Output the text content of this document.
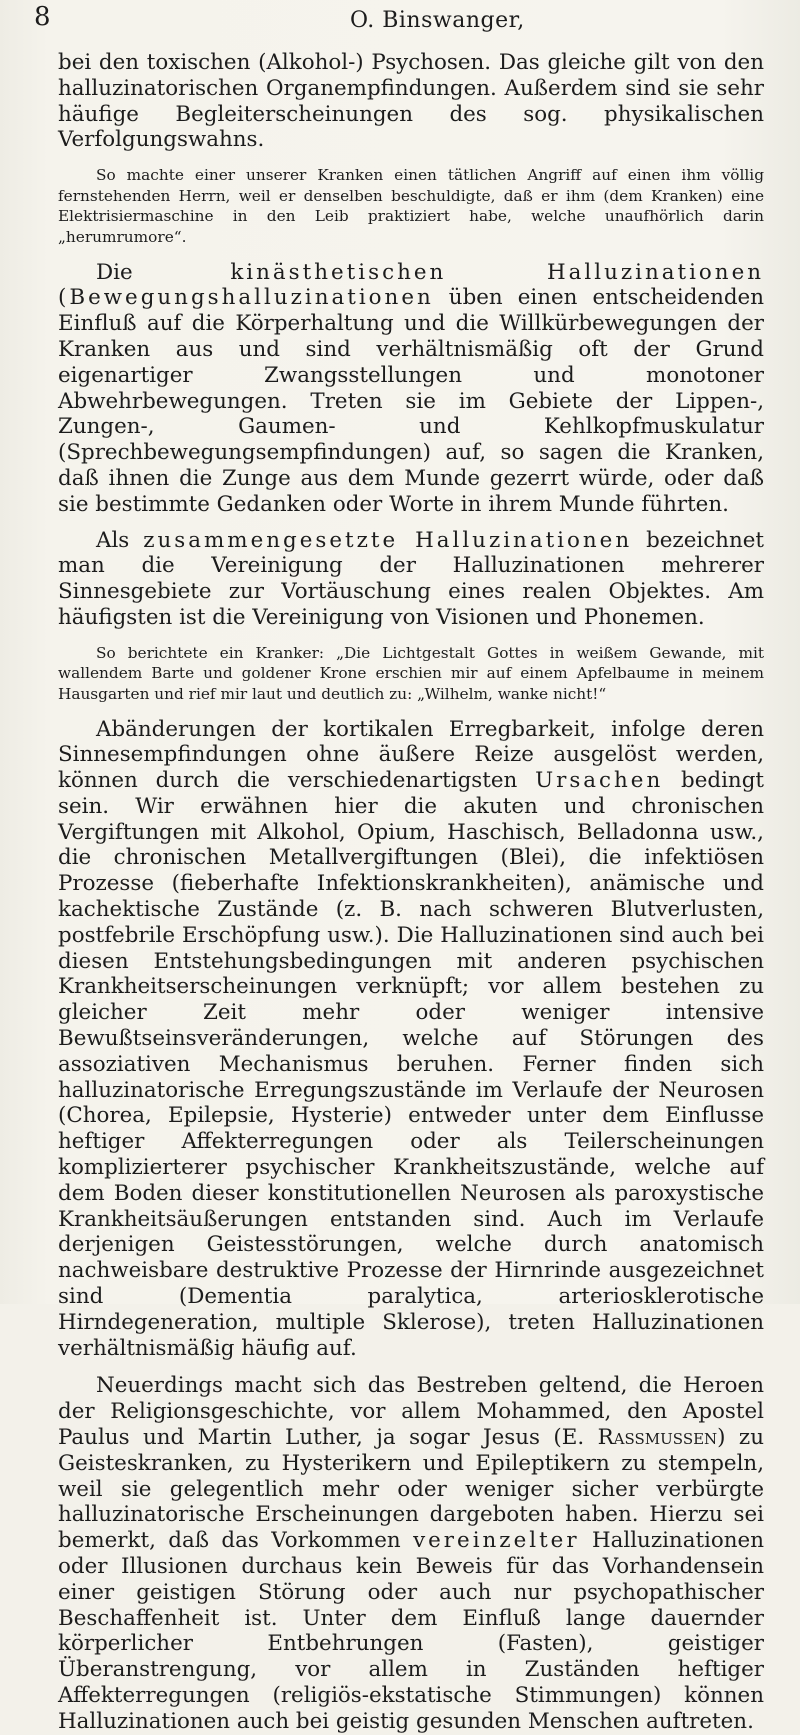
8	O. Binswanger,

bei den toxischen (Alkohol-) Psychosen. Das gleiche gilt von den halluzinatorischen Organempfindungen. Außerdem sind sie sehr häufige Begleiterscheinungen des sog. physikalischen Verfolgungswahns.

So machte einer unserer Kranken einen tätlichen Angriff auf einen ihm völlig fernstehenden Herrn, weil er denselben beschuldigte, daß er ihm (dem Kranken) eine Elektrisiermaschine in den Leib praktiziert habe, welche unaufhörlich darin „herumrumore“.

Die kinästhetischen Halluzinationen (Bewegungshalluzinationen üben einen entscheidenden Einfluß auf die Körperhaltung und die Willkürbewegungen der Kranken aus und sind verhältnismäßig oft der Grund eigenartiger Zwangsstellungen und monotoner Abwehrbewegungen. Treten sie im Gebiete der Lippen-, Zungen-, Gaumen- und Kehlkopfmuskulatur (Sprechbewegungsempfindungen) auf, so sagen die Kranken, daß ihnen die Zunge aus dem Munde gezerrt würde, oder daß sie bestimmte Gedanken oder Worte in ihrem Munde führten.

Als zusammengesetzte Halluzinationen bezeichnet man die Vereinigung der Halluzinationen mehrerer Sinnesgebiete zur Vortäuschung eines realen Objektes. Am häufigsten ist die Vereinigung von Visionen und Phonemen.

So berichtete ein Kranker: „Die Lichtgestalt Gottes in weißem Gewande, mit wallendem Barte und goldener Krone erschien mir auf einem Apfelbaume in meinem Hausgarten und rief mir laut und deutlich zu: „Wilhelm, wanke nicht!“

Abänderungen der kortikalen Erregbarkeit, infolge deren Sinnesempfindungen ohne äußere Reize ausgelöst werden, können durch die verschiedenartigsten Ursachen bedingt sein. Wir erwähnen hier die akuten und chronischen Vergiftungen mit Alkohol, Opium, Haschisch, Belladonna usw., die chronischen Metallvergiftungen (Blei), die infektiösen Prozesse (fieberhafte Infektionskrankheiten), anämische und kachektische Zustände (z. B. nach schweren Blutverlusten, postfebrile Erschöpfung usw.). Die Halluzinationen sind auch bei diesen Entstehungsbedingungen mit anderen psychischen Krankheitserscheinungen verknüpft; vor allem bestehen zu gleicher Zeit mehr oder weniger intensive Bewußtseinsveränderungen, welche auf Störungen des assoziativen Mechanismus beruhen. Ferner finden sich halluzinatorische Erregungszustände im Verlaufe der Neurosen (Chorea, Epilepsie, Hysterie) entweder unter dem Einflusse heftiger Affekterregungen oder als Teilerscheinungen komplizierterer psychischer Krankheitszustände, welche auf dem Boden dieser konstitutionellen Neurosen als paroxystische Krankheitsäußerungen entstanden sind. Auch im Verlaufe derjenigen Geistesstörungen, welche durch anatomisch nachweisbare destruktive Prozesse der Hirnrinde ausgezeichnet sind (Dementia paralytica, arteriosklerotische Hirndegeneration, multiple Sklerose), treten Halluzinationen verhältnismäßig häufig auf.

Neuerdings macht sich das Bestreben geltend, die Heroen der Religionsgeschichte, vor allem Mohammed, den Apostel Paulus und Martin Luther, ja sogar Jesus (E. Rassmussen) zu Geisteskranken, zu Hysterikern und Epileptikern zu stempeln, weil sie gelegentlich mehr oder weniger sicher verbürgte halluzinatorische Erscheinungen dargeboten haben. Hierzu sei bemerkt, daß das Vorkommen vereinzelter Halluzinationen oder Illusionen durchaus kein Beweis für das Vorhandensein einer geistigen Störung oder auch nur psychopathischer Beschaffenheit ist. Unter dem Einfluß lange dauernder körperlicher Entbehrungen (Fasten), geistiger Überanstrengung, vor allem in Zuständen heftiger Affekterregungen (religiös-ekstatische Stimmungen) können Halluzinationen auch bei geistig gesunden Menschen auftreten.
